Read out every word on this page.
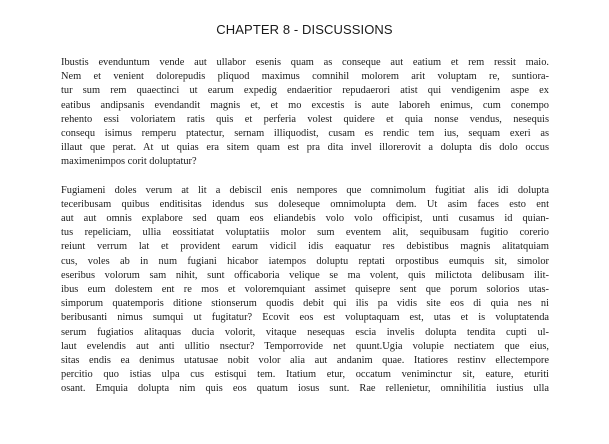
CHAPTER 8 - DISCUSSIONS

Ibustis evenduntum vende aut ullabor esenis quam as conseque aut eatium et rem ressit maio.
Nem et venient dolorepudis pliquod maximus comnihil molorem arit voluptam re, suntiora-
tur sum rem quaectinci ut earum expedig endaeritior repudaerori atist qui vendigenim aspe ex
eatibus andipsanis evendandit magnis et, et mo excestis is aute laboreh enimus, cum conempo
rehento essi voloriatem ratis quis et perferia volest quidere et quia nonse vendus, nesequis
consequ isimus remperu ptatectur, sernam illiquodist, cusam es rendic tem ius, sequam exeri as
illaut que perat. At ut quias era sitem quam est pra dita invel illorerovit a dolupta dis dolo occus
maximenimpos corit doluptatur?

Fugiameni doles verum at lit a debiscil enis nempores que comnimolum fugitiat alis idi dolupta
teceribusam quibus enditisitas idendus sus doleseque omnimolupta dem. Ut asim faces esto ent
aut aut omnis explabore sed quam eos eliandebis volo volo officipist, unti cusamus id quian-
tus repeliciam, ullia eossitiatat voluptatiis molor sum eventem alit, sequibusam fugitio corerio
reiunt verrum lat et provident earum vidicil idis eaquatur res debistibus magnis alitatquiam
cus, voles ab in num fugiani hicabor iatempos doluptu reptati orpostibus eumquis sit, simolor
eseribus volorum sam nihit, sunt officaboria velique se ma volent, quis milictota delibusam ilit-
ibus eum dolestem ent re mos et voloremquiant assimet quisepre sent que porum solorios utas-
simporum quatemporis ditione stionserum quodis debit qui ilis pa vidis site eos di quia nes ni
beribusanti nimus sumqui ut fugitatur? Ecovit eos est voluptaquam est, utas et is voluptatenda
serum fugiatios alitaquas ducia volorit, vitaque nesequas escia invelis dolupta tendita cupti ul-
laut evelendis aut anti ullitio nsectur? Temporrovide net quunt.Ugia volupie nectiatem que eius,
sitas endis ea denimus utatusae nobit volor alia aut andanim quae. Itatiores restinv ellectempore
percitio quo istias ulpa cus estisqui tem. Itatium etur, occatum veniminctur sit, eature, eturiti
osant. Emquia dolupta nim quis eos quatum iosus sunt. Rae rellenietur, omnihilitia iustius ulla
